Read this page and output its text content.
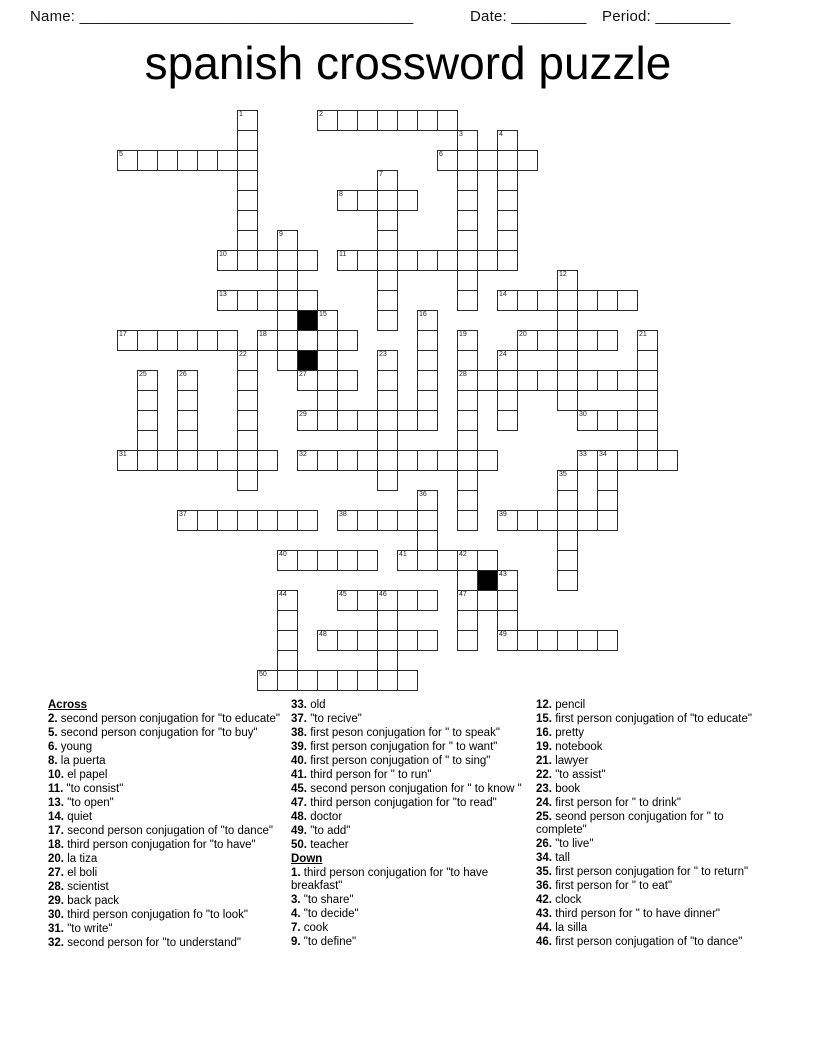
Name: ________________________________________	Date: _________ Period: _________
spanish crossword puzzle
1	2
3	4
5	6
7
8
9
10	11
12
13	14
15	16
17	18	19
28
20	21
22	23	24
25	26	27
29	30
31	32	33 34
35
36
37	38	39
40	41	42
47
43
49
44	45	46
48
50
Across
2. second person conjugation for "to educate"
5. second person conjugation for "to buy"
6. young
8. la puerta
10. el papel
11. "to consist"
13. "to open"
14. quiet
17. second person conjugation of "to dance"
18. third person conjugation for "to have"
20. la tiza
27. el boli
28. scientist
29. back pack
30. third person conjugation fo "to look"
31. "to write"
32. second person for "to understand"
33. old
37. "to recive"
38. first peson conjugation for " to speak"
39. first person conjugation for " to want"
40. first person conjugation of " to sing"
41. third person for " to run"
45. second person conjugation for " to know "
47. third person conjugation for "to read"
48. doctor
49. "to add"
50. teacher
Down
1. third person conjugation for "to have breakfast"
3. "to share"
4. "to decide"
7. cook
9. "to define"
12. pencil
15. first person conjugation of "to educate"
16. pretty
19. notebook
21. lawyer
22. "to assist"
23. book
24. first person for " to drink"
25. seond person conjugation for " to complete"
26. "to live"
34. tall
35. first person conjugation for " to return"
36. first person for " to eat"
42. clock
43. third person for " to have dinner"
44. la silla
46. first person conjugation of "to dance"
